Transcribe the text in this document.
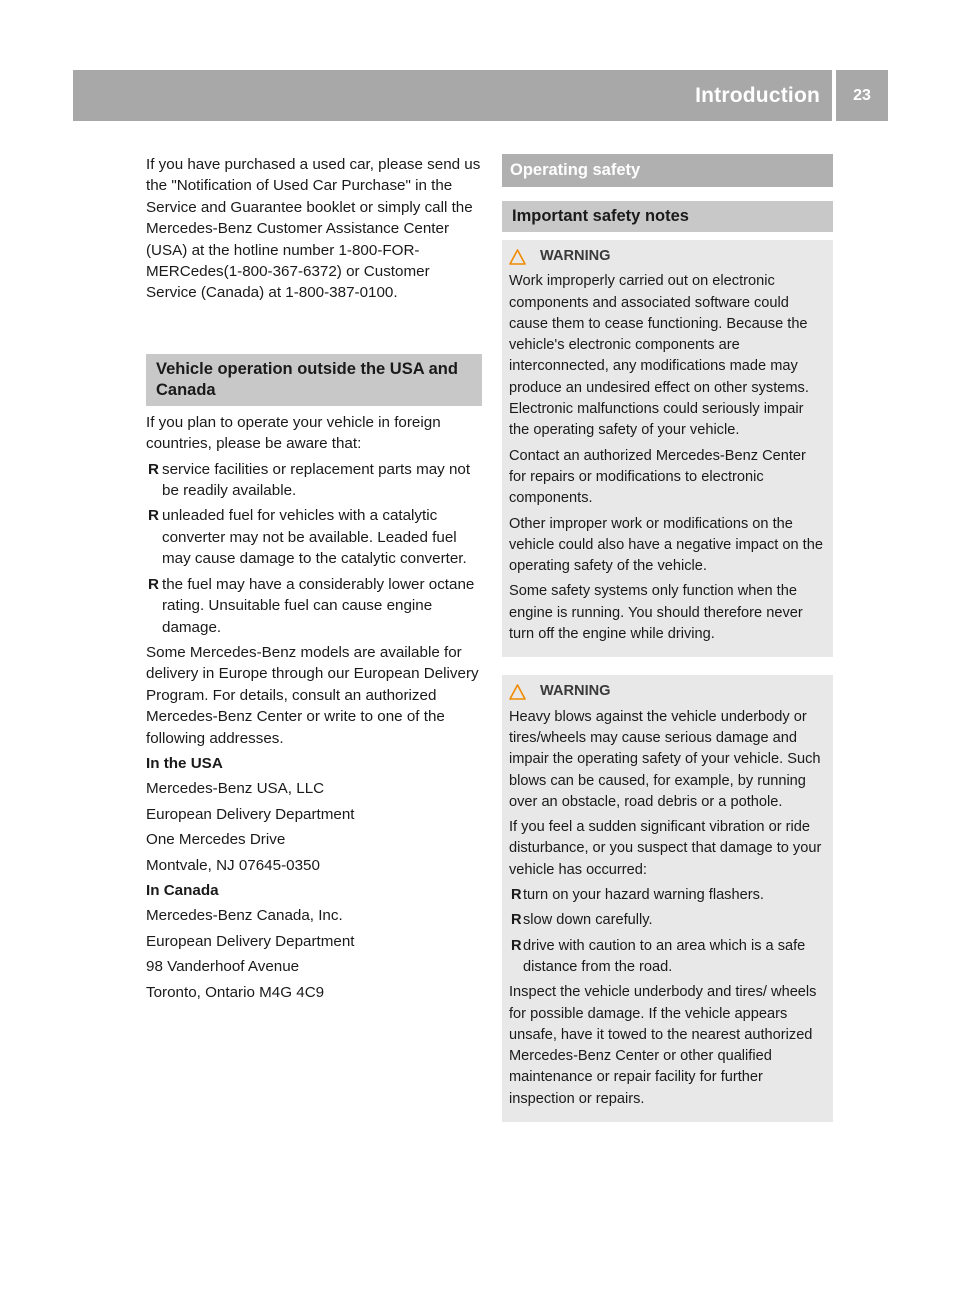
Introduction	23

If you have purchased a used car, please send us the "Notification of Used Car Purchase" in the Service and Guarantee booklet or simply call the Mercedes-Benz Customer Assistance Center (USA) at the hotline number 1-800-FOR-MERCedes(1-800-367-6372) or Customer Service (Canada) at 1-800-387-0100.

Vehicle operation outside the USA and Canada

If you plan to operate your vehicle in foreign countries, please be aware that:

R service facilities or replacement parts may not be readily available.
R unleaded fuel for vehicles with a catalytic converter may not be available. Leaded fuel may cause damage to the catalytic converter.
R the fuel may have a considerably lower octane rating. Unsuitable fuel can cause engine damage.

Some Mercedes-Benz models are available for delivery in Europe through our European Delivery Program. For details, consult an authorized Mercedes-Benz Center or write to one of the following addresses.

In the USA

Mercedes-Benz USA, LLC

European Delivery Department

One Mercedes Drive

Montvale, NJ 07645-0350

In Canada

Mercedes-Benz Canada, Inc.

European Delivery Department

98 Vanderhoof Avenue

Toronto, Ontario M4G 4C9

Operating safety
Important safety notes
WARNING

Work improperly carried out on electronic components and associated software could cause them to cease functioning. Because the vehicle's electronic components are interconnected, any modifications made may produce an undesired effect on other systems. Electronic malfunctions could seriously impair the operating safety of your vehicle.

Contact an authorized Mercedes-Benz Center for repairs or modifications to electronic components.

Other improper work or modifications on the vehicle could also have a negative impact on the operating safety of the vehicle.

Some safety systems only function when the engine is running. You should therefore never turn off the engine while driving.

WARNING

Heavy blows against the vehicle underbody or tires/wheels may cause serious damage and impair the operating safety of your vehicle. Such blows can be caused, for example, by running over an obstacle, road debris or a pothole.

If you feel a sudden significant vibration or ride disturbance, or you suspect that damage to your vehicle has occurred:

R turn on your hazard warning flashers.
R slow down carefully.
R drive with caution to an area which is a safe distance from the road.

Inspect the vehicle underbody and tires/ wheels for possible damage. If the vehicle appears unsafe, have it towed to the nearest authorized Mercedes-Benz Center or other qualified maintenance or repair facility for further inspection or repairs.
